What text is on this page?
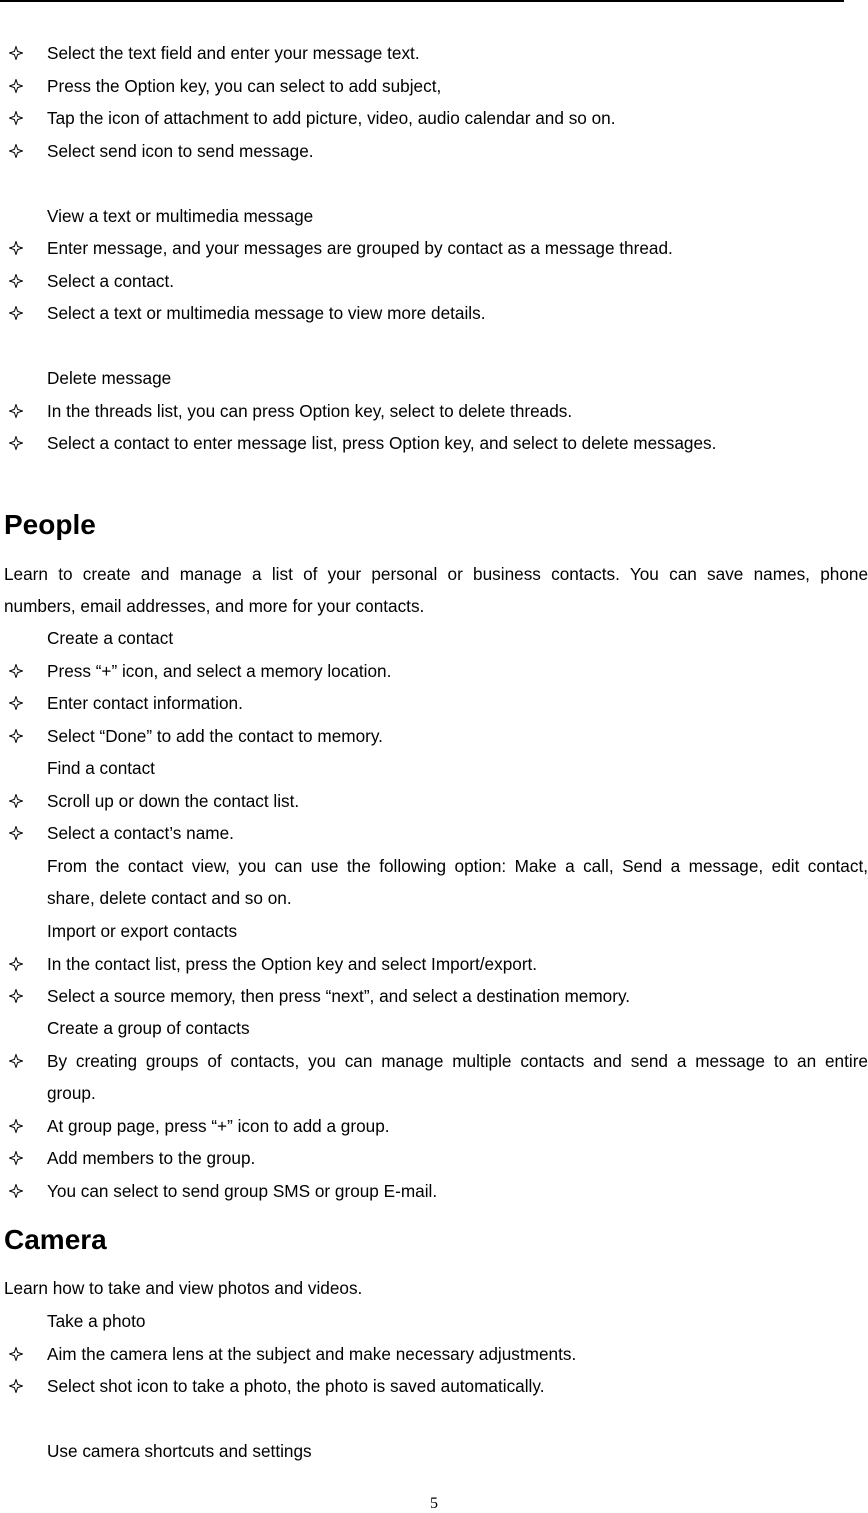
Select the text field and enter your message text.
Press the Option key, you can select to add subject,
Tap the icon of attachment to add picture, video, audio calendar and so on.
Select send icon to send message.
View a text or multimedia message
Enter message, and your messages are grouped by contact as a message thread.
Select a contact.
Select a text or multimedia message to view more details.
Delete message
In the threads list, you can press Option key, select to delete threads.
Select a contact to enter message list, press Option key, and select to delete messages.
People
Learn to create and manage a list of your personal or business contacts. You can save names, phone
numbers, email addresses, and more for your contacts.
Create a contact
Press “+” icon, and select a memory location.
Enter contact information.
Select “Done” to add the contact to memory.
Find a contact
Scroll up or down the contact list.
Select a contact’s name.
From the contact view, you can use the following option: Make a call, Send a message, edit contact,
share, delete contact and so on.
Import or export contacts
In the contact list, press the Option key and select Import/export.
Select a source memory, then press “next”, and select a destination memory.
Create a group of contacts
By creating groups of contacts, you can manage multiple contacts and send a message to an entire
group.
At group page, press “+” icon to add a group.
Add members to the group.
You can select to send group SMS or group E-mail.
Camera
Learn how to take and view photos and videos.
Take a photo
Aim the camera lens at the subject and make necessary adjustments.
Select shot icon to take a photo, the photo is saved automatically.
Use camera shortcuts and settings
5
